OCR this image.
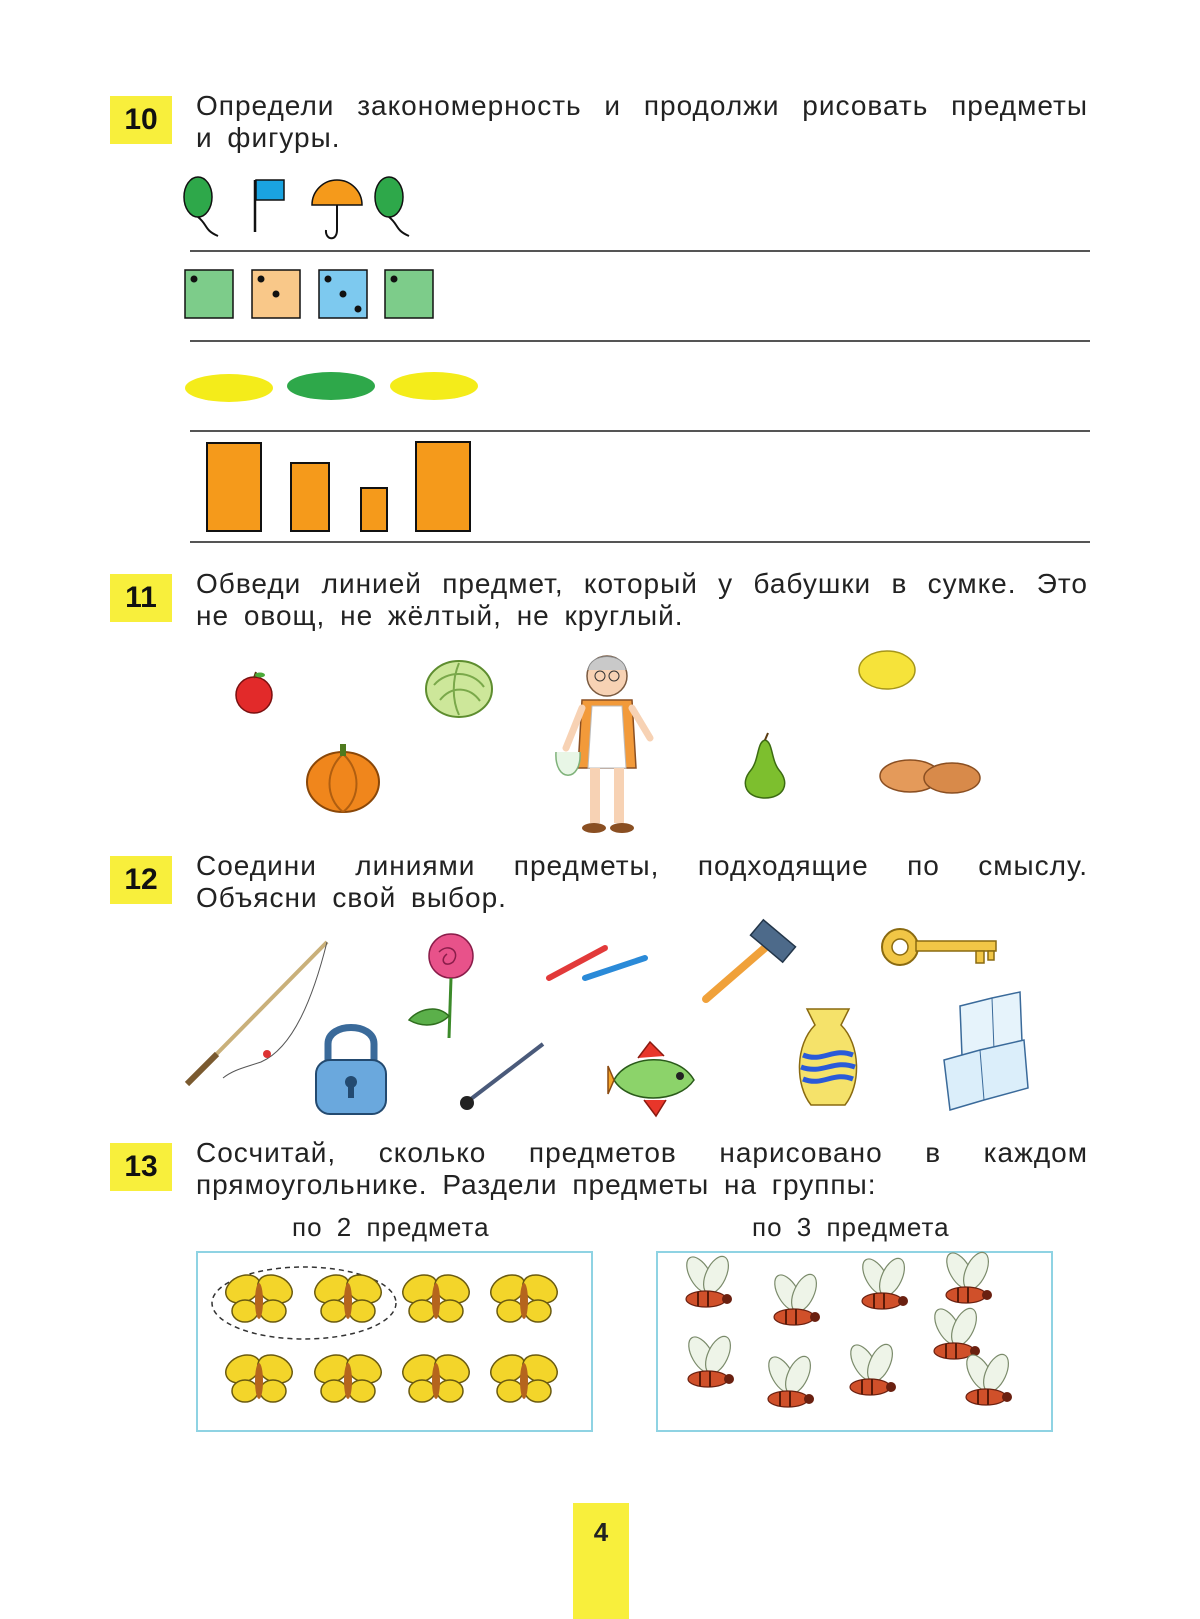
10	Определи закономерность и продолжи рисовать предметы
и фигуры.
11	Обведи линией предмет, который у бабушки в сумке. Это
не овощ, не жёлтый, не круглый.
12	Соедини линиями предметы, подходящие по смыслу.
Объясни свой выбор.
13	Сосчитай, сколько предметов нарисовано в каждом
прямоугольнике. Раздели предметы на группы:
по 2 предмета	по 3 предмета
4
